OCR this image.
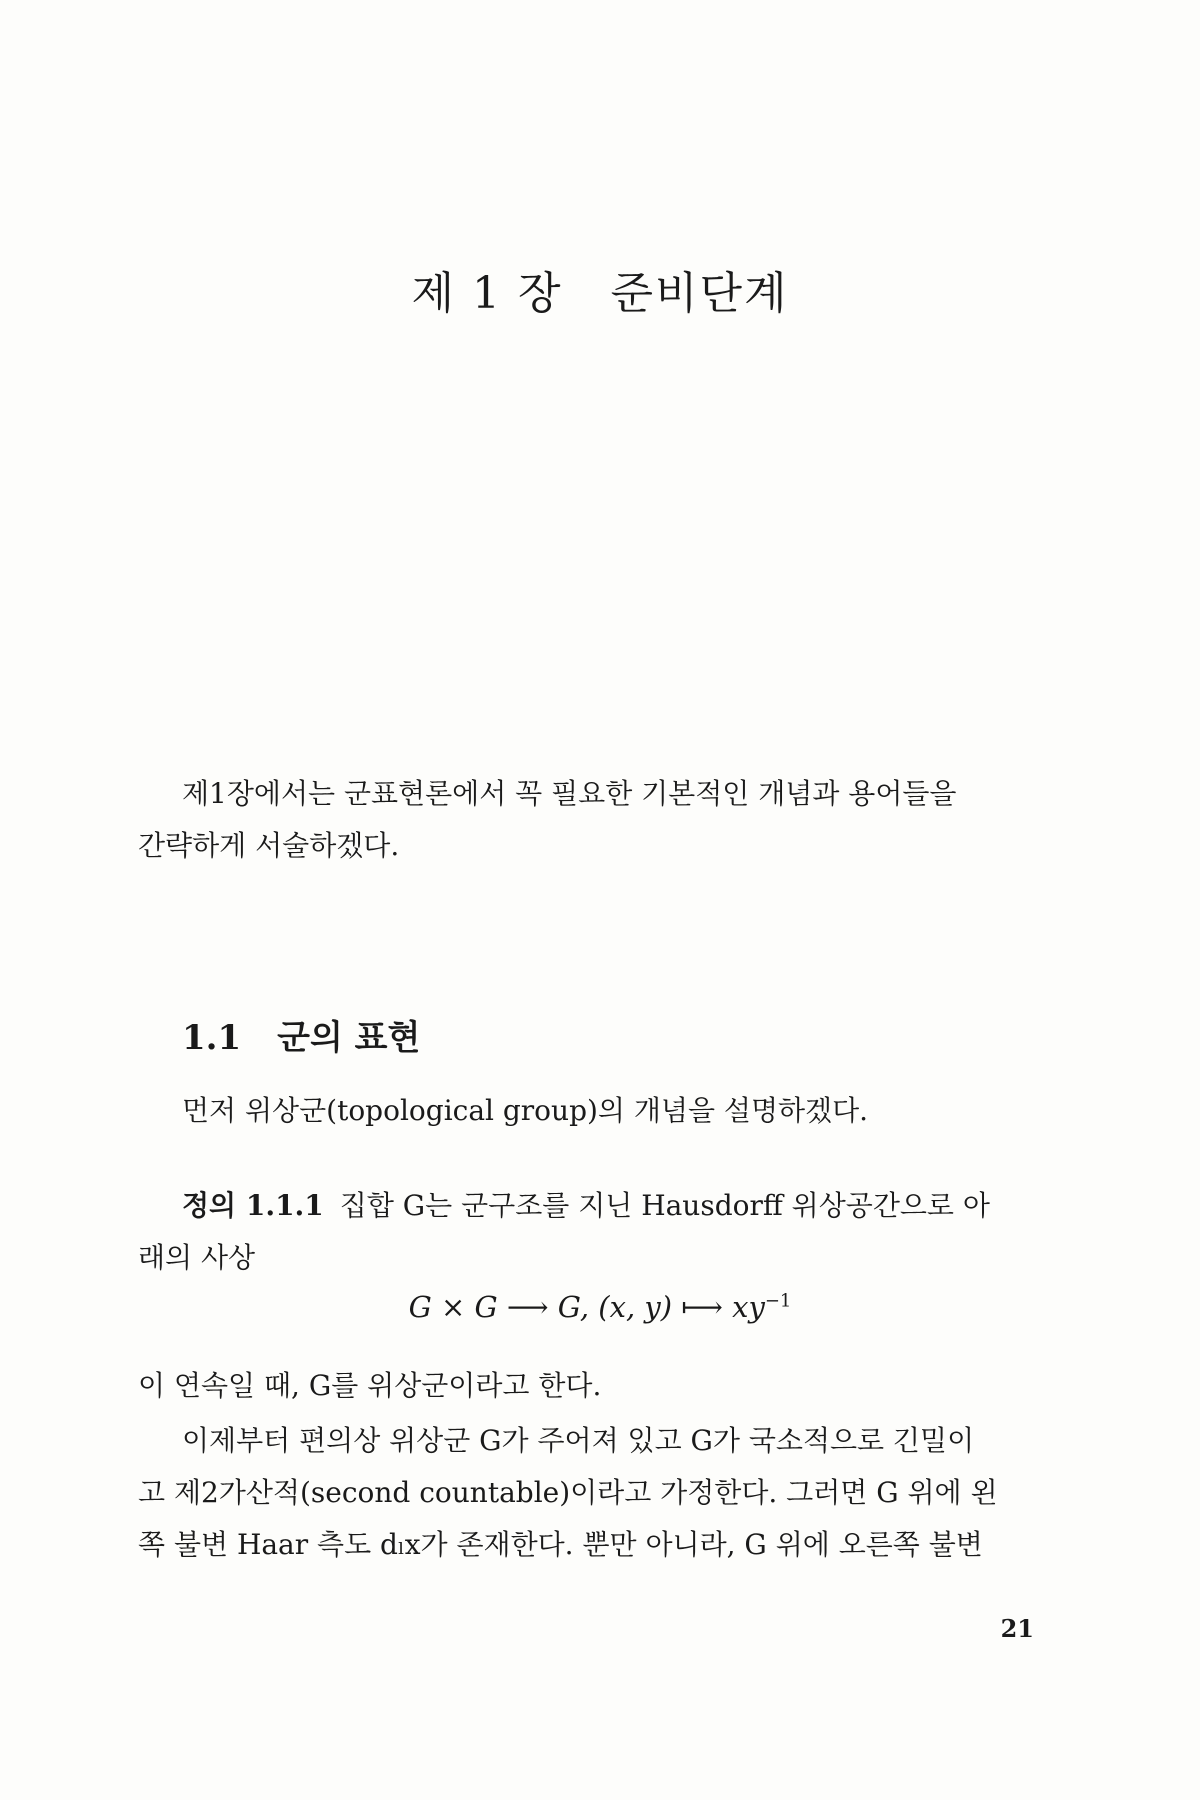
제 1 장 준비단계
제1장에서는 군표현론에서 꼭 필요한 기본적인 개념과 용어들을
간략하게 서술하겠다.
1.1 군의 표현
먼저 위상군(topological group)의 개념을 설명하겠다.
정의 1.1.1 집합 G는 군구조를 지닌 Hausdorff 위상공간으로 아
래의 사상
G × G ⟶ G, (x, y) ⟼ $xy^{-1}$
이 연속일 때, G를 위상군이라고 한다.
이제부터 편의상 위상군 G가 주어져 있고 G가 국소적으로 긴밀이
고 제2가산적(second countable)이라고 가정한다. 그러면 G 위에 왼
쪽 불변 Haar 측도 dₗx가 존재한다. 뿐만 아니라, G 위에 오른쪽 불변
21
